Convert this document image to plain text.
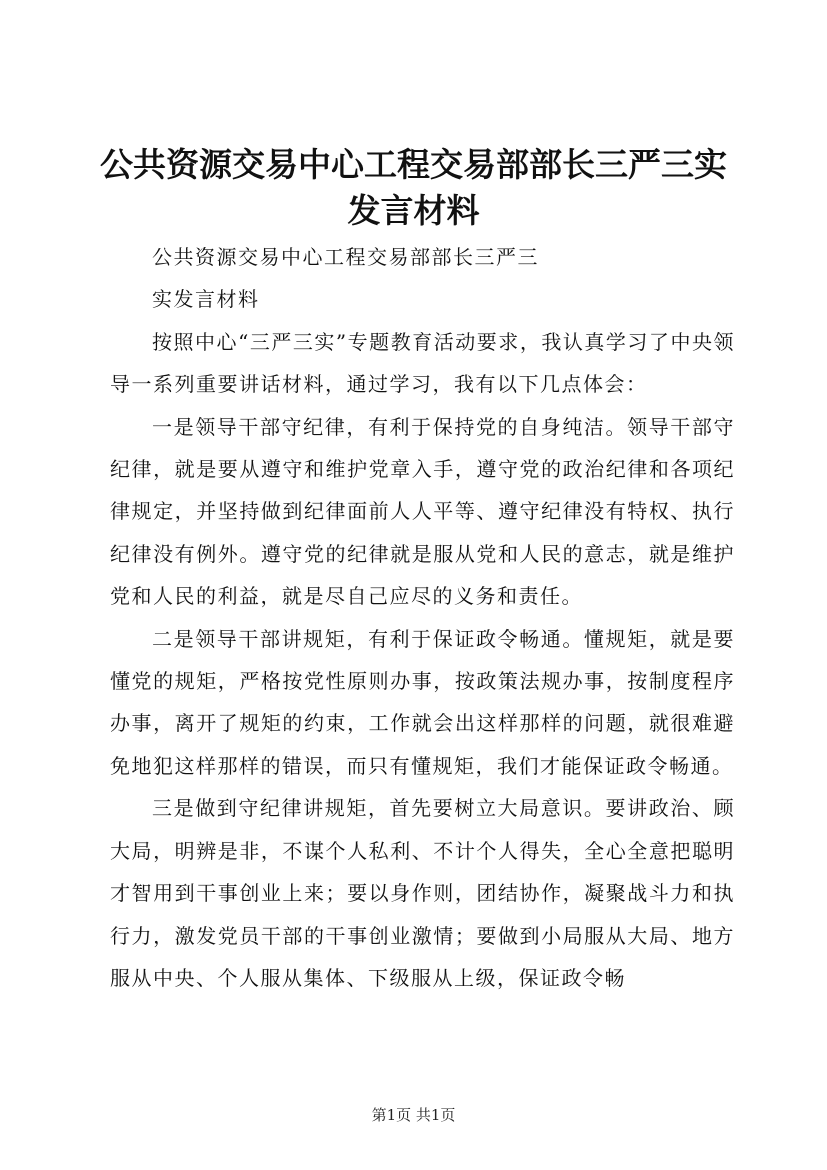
公共资源交易中心工程交易部部长三严三实发言材料

公共资源交易中心工程交易部部长三严三

实发言材料

按照中心“三严三实”专题教育活动要求，我认真学习了中央领导一系列重要讲话材料，通过学习，我有以下几点体会：

一是领导干部守纪律，有利于保持党的自身纯洁。领导干部守纪律，就是要从遵守和维护党章入手，遵守党的政治纪律和各项纪律规定，并坚持做到纪律面前人人平等、遵守纪律没有特权、执行纪律没有例外。遵守党的纪律就是服从党和人民的意志，就是维护党和人民的利益，就是尽自己应尽的义务和责任。

二是领导干部讲规矩，有利于保证政令畅通。懂规矩，就是要懂党的规矩，严格按党性原则办事，按政策法规办事，按制度程序办事，离开了规矩的约束，工作就会出这样那样的问题，就很难避免地犯这样那样的错误，而只有懂规矩，我们才能保证政令畅通。

三是做到守纪律讲规矩，首先要树立大局意识。要讲政治、顾大局，明辨是非，不谋个人私利、不计个人得失，全心全意把聪明才智用到干事创业上来；要以身作则，团结协作，凝聚战斗力和执行力，激发党员干部的干事创业激情；要做到小局服从大局、地方服从中央、个人服从集体、下级服从上级，保证政令畅

第1页 共1页
